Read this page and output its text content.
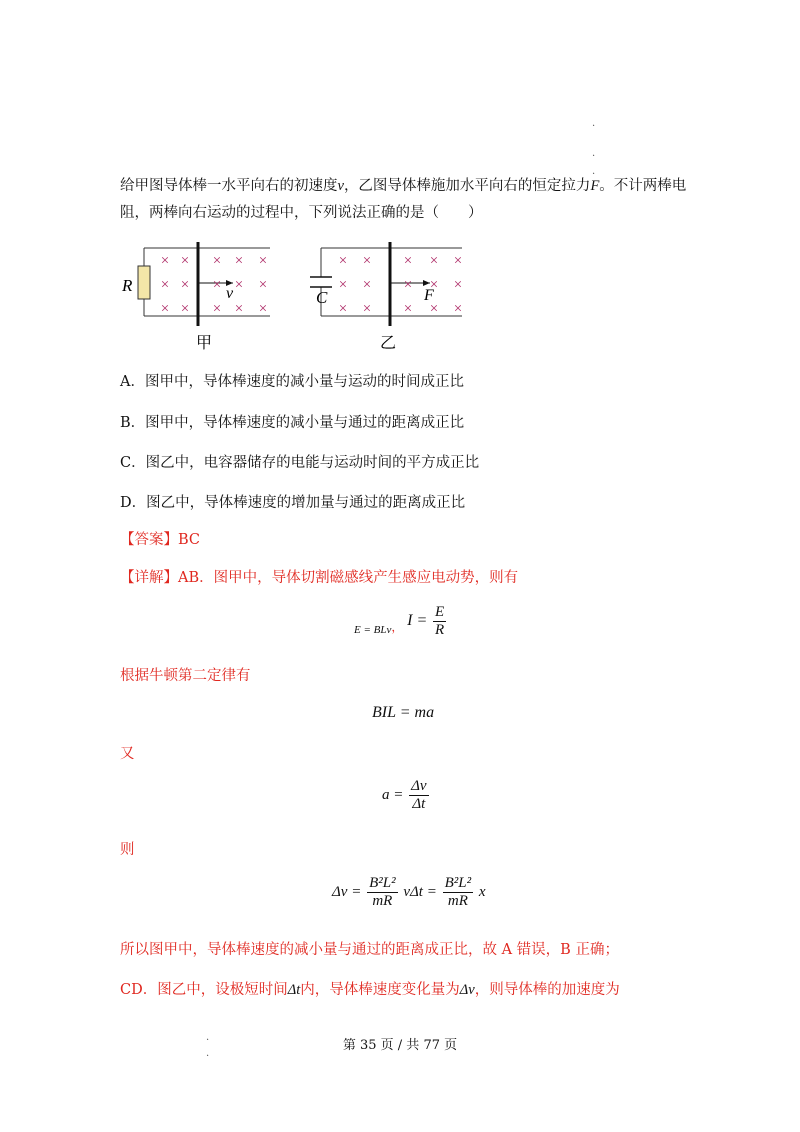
.
.
.
.
.
给甲图导体棒一水平向右的初速度v，乙图导体棒施加水平向右的恒定拉力F。不计两棒电
阻，两棒向右运动的过程中，下列说法正确的是（　　）
R	v
× × × × ×
× × × × ×
× × × × ×
甲
C	F
× × × × ×
× × × × ×
× × × × ×
乙
A．图甲中，导体棒速度的减小量与运动的时间成正比
B．图甲中，导体棒速度的减小量与通过的距离成正比
C．图乙中，电容器储存的电能与运动时间的平方成正比
D．图乙中，导体棒速度的增加量与通过的距离成正比
【答案】BC
【详解】AB．图甲中，导体切割磁感线产生感应电动势，则有
$_{E = BLv,}$ $I = \frac{E}{R}$
根据牛顿第二定律有
BIL = ma
又
$a = \frac{\Delta v}{\Delta t}$
则
$\Delta v = \frac{\text{B²L²}}{mR}$ $v\Delta t = \frac{\text{B²L²}}{mR}$ x
所以图甲中，导体棒速度的减小量与通过的距离成正比，故 A 错误，B 正确；
CD．图乙中，设极短时间Δt内，导体棒速度变化量为Δv，则导体棒的加速度为
第 35 页 / 共 77 页
